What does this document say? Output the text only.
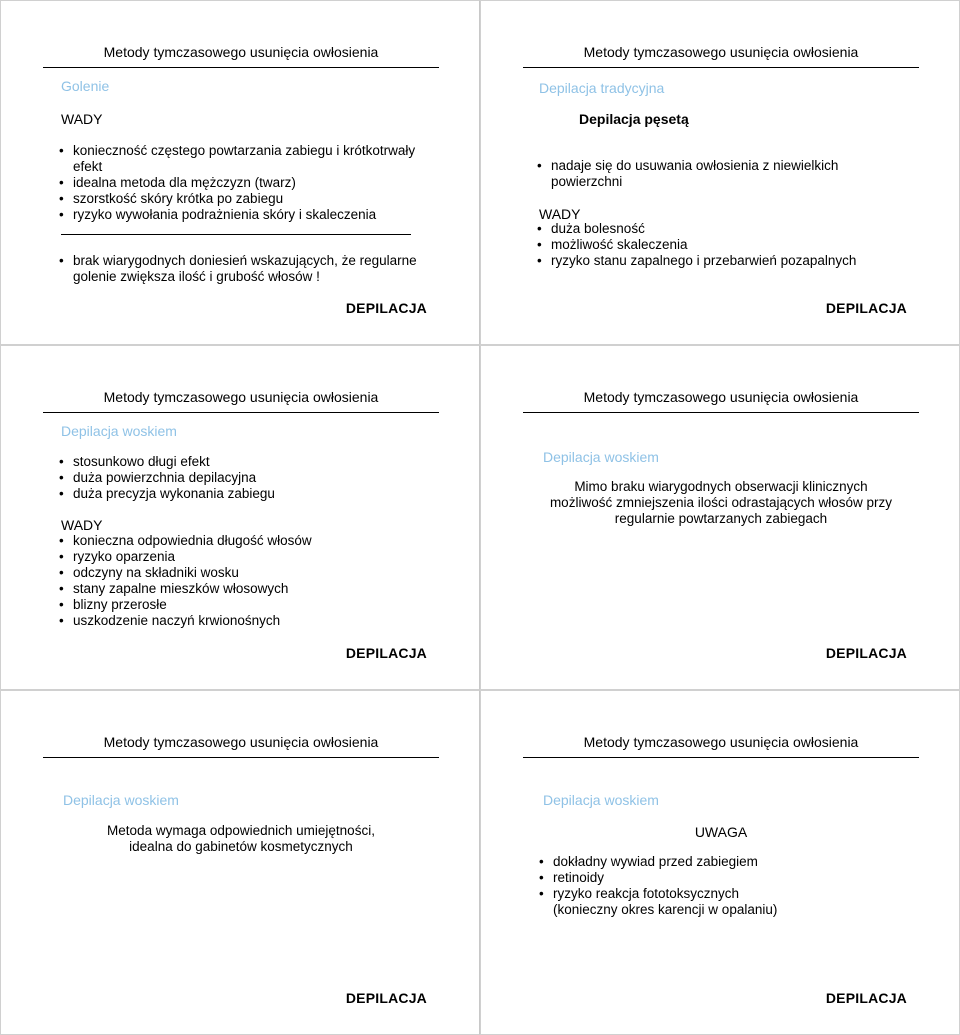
Metody tymczasowego usunięcia owłosienia
Golenie
WADY
• konieczność częstego powtarzania zabiegu i krótkotrwały efekt
• idealna metoda dla mężczyzn (twarz)
• szorstkość skóry krótka po zabiegu
• ryzyko wywołania podrażnienia skóry i skaleczenia
• brak wiarygodnych doniesień wskazujących, że regularne golenie zwiększa ilość i grubość włosów !
DEPILACJA
Metody tymczasowego usunięcia owłosienia
Depilacja tradycyjna
Depilacja pęsetą
• nadaje się do usuwania owłosienia z niewielkich powierzchni
WADY
• duża bolesność
• możliwość skaleczenia
• ryzyko stanu zapalnego i przebarwień pozapalnych
DEPILACJA
Metody tymczasowego usunięcia owłosienia
Depilacja woskiem
• stosunkowo długi efekt
• duża powierzchnia depilacyjna
• duża precyzja wykonania zabiegu
WADY
• konieczna odpowiednia długość włosów
• ryzyko oparzenia
• odczyny na składniki wosku
• stany zapalne mieszków włosowych
• blizny przerosłe
• uszkodzenie naczyń krwionośnych
DEPILACJA
Metody tymczasowego usunięcia owłosienia
Depilacja woskiem
Mimo braku wiarygodnych obserwacji klinicznych
możliwość zmniejszenia ilości odrastających włosów przy
regularnie powtarzanych zabiegach
DEPILACJA
Metody tymczasowego usunięcia owłosienia
Depilacja woskiem
Metoda wymaga odpowiednich umiejętności,
idealna do gabinetów kosmetycznych
DEPILACJA
Metody tymczasowego usunięcia owłosienia
Depilacja woskiem
UWAGA
• dokładny wywiad przed zabiegiem
• retinoidy
• ryzyko reakcja fototoksycznych
(konieczny okres karencji w opalaniu)
DEPILACJA
